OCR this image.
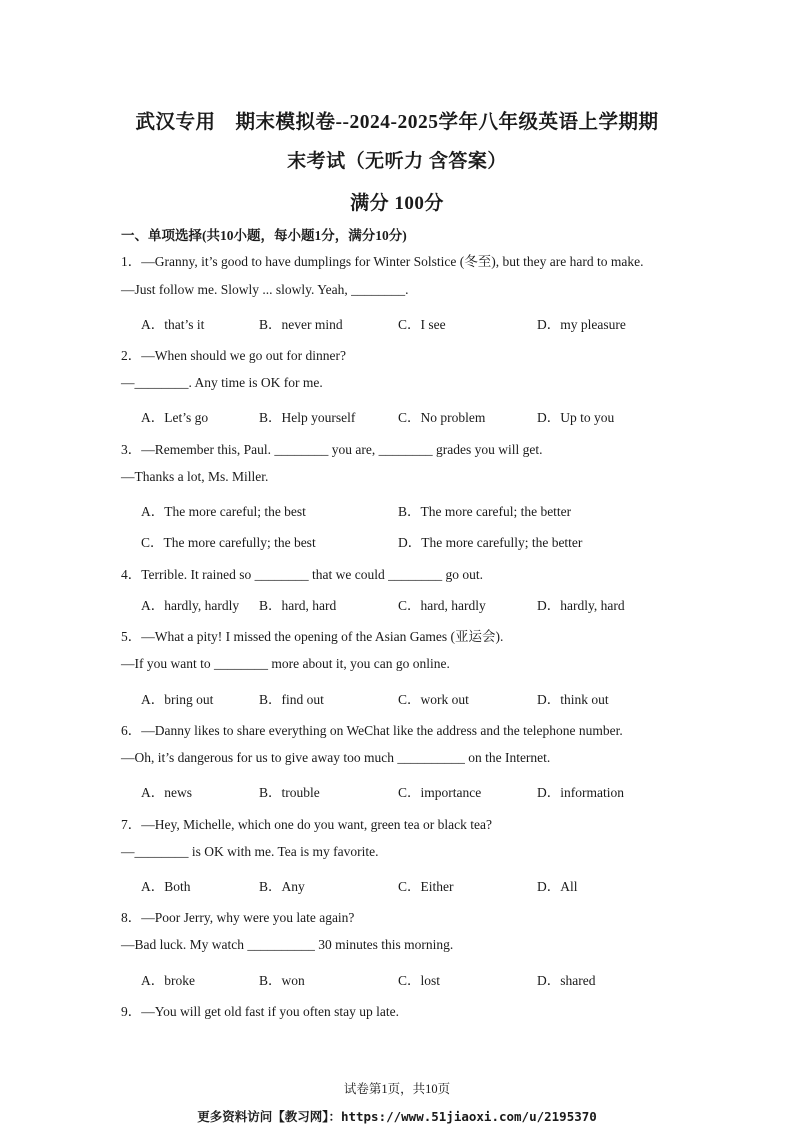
武汉专用　期末模拟卷--2024-2025学年八年级英语上学期期
末考试（无听力 含答案）
满分 100分
一、单项选择(共10小题，每小题1分，满分10分)
1．—Granny, it’s good to have dumplings for Winter Solstice (冬至), but they are hard to make.
—Just follow me. Slowly ... slowly. Yeah, ________.
A．that’s it	B．never mind	C．I see	D．my pleasure
2．—When should we go out for dinner?
—________. Any time is OK for me.
A．Let’s go	B．Help yourself	C．No problem	D．Up to you
3．—Remember this, Paul. ________ you are, ________ grades you will get.
—Thanks a lot, Ms. Miller.
A．The more careful; the best	B．The more careful; the better
C．The more carefully; the best	D．The more carefully; the better
4．Terrible. It rained so ________ that we could ________ go out.
A．hardly, hardly B．hard, hard	C．hard, hardly	D．hardly, hard
5．—What a pity! I missed the opening of the Asian Games (亚运会).
—If you want to ________ more about it, you can go online.
A．bring out	B．find out	C．work out	D．think out
6．—Danny likes to share everything on WeChat like the address and the telephone number.
—Oh, it’s dangerous for us to give away too much __________ on the Internet.
A．news	B．trouble	C．importance	D．information
7．—Hey, Michelle, which one do you want, green tea or black tea?
—________ is OK with me. Tea is my favorite.
A．Both	B．Any	C．Either	D．All
8．—Poor Jerry, why were you late again?
—Bad luck. My watch __________ 30 minutes this morning.
A．broke	B．won	C．lost	D．shared
9．—You will get old fast if you often stay up late.
试卷第1页，共10页
更多资料访问【教习网】：https://www.51jiaoxi.com/u/2195370
